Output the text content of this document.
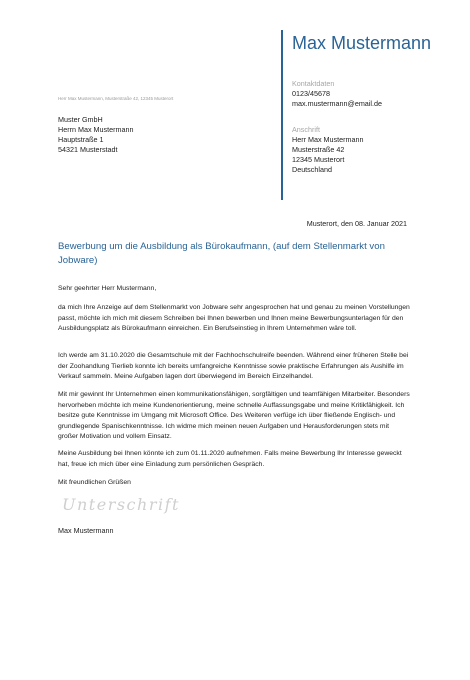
Max Mustermann
Kontaktdaten
0123/45678
max.mustermann@email.de
Anschrift
Herr Max Mustermann
Musterstraße 42
12345 Musterort
Deutschland
Herr Max Mustermann, Musterstraße 42, 12345 Musterort
Muster GmbH
Herrn Max Mustermann
Hauptstraße 1
54321 Musterstadt
Musterort, den 08. Januar 2021
Bewerbung um die Ausbildung als Bürokaufmann, (auf dem Stellenmarkt von Jobware)
Sehr geehrter Herr Mustermann,
da mich Ihre Anzeige auf dem Stellenmarkt von Jobware sehr angesprochen hat und genau zu meinen Vorstellungen passt, möchte ich mich mit diesem Schreiben bei Ihnen bewerben und Ihnen meine Bewerbungsunterlagen für den Ausbildungsplatz als Bürokaufmann einreichen. Ein Berufseinstieg in Ihrem Unternehmen wäre toll.
Ich werde am 31.10.2020 die Gesamtschule mit der Fachhochschulreife beenden. Während einer früheren Stelle bei der Zoohandlung Tierlieb konnte ich bereits umfangreiche Kenntnisse sowie praktische Erfahrungen als Aushilfe im Verkauf sammeln. Meine Aufgaben lagen dort überwiegend im Bereich Einzelhandel.
Mit mir gewinnt Ihr Unternehmen einen kommunikationsfähigen, sorgfältigen und teamfähigen Mitarbeiter. Besonders hervorheben möchte ich meine Kundenorientierung, meine schnelle Auffassungsgabe und meine Kritikfähigkeit. Ich besitze gute Kenntnisse im Umgang mit Microsoft Office. Des Weiteren verfüge ich über fließende Englisch- und grundlegende Spanischkenntnisse. Ich widme mich meinen neuen Aufgaben und Herausforderungen stets mit großer Motivation und vollem Einsatz.
Meine Ausbildung bei Ihnen könnte ich zum 01.11.2020 aufnehmen. Falls meine Bewerbung Ihr Interesse geweckt hat, freue ich mich über eine Einladung zum persönlichen Gespräch.
Mit freundlichen Grüßen
Unterschrift
Max Mustermann
